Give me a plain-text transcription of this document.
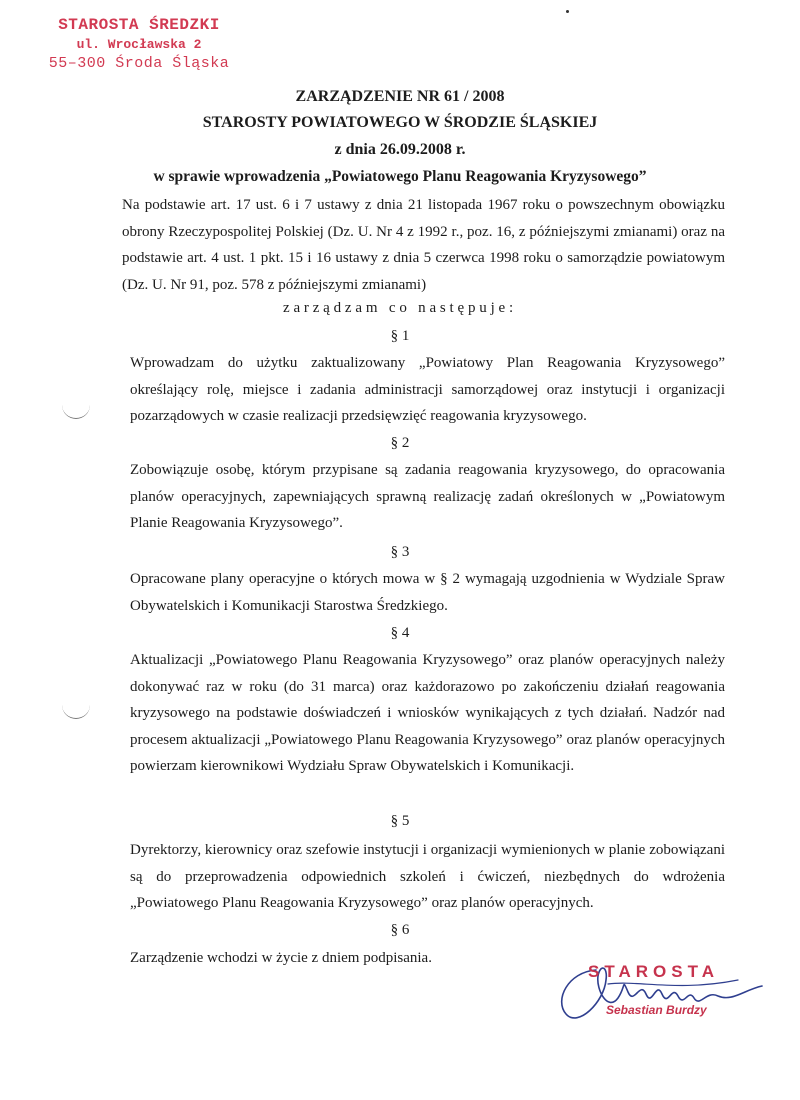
STAROSTA ŚREDZKI
ul. Wrocławska 2
55–300 Środa Śląska
ZARZĄDZENIE NR 61 / 2008
STAROSTY POWIATOWEGO W ŚRODZIE ŚLĄSKIEJ
z dnia 26.09.2008 r.
w sprawie wprowadzenia „Powiatowego Planu Reagowania Kryzysowego”
Na podstawie art. 17 ust. 6 i 7 ustawy z dnia 21 listopada 1967 roku o powszechnym obowiązku obrony Rzeczypospolitej Polskiej (Dz. U. Nr 4 z 1992 r., poz. 16, z późniejszymi zmianami) oraz na podstawie art. 4 ust. 1 pkt. 15 i 16 ustawy z dnia 5 czerwca 1998 roku o samorządzie powiatowym (Dz. U. Nr 91, poz. 578 z późniejszymi zmianami)
zarządzam co następuje:
§ 1
Wprowadzam do użytku zaktualizowany „Powiatowy Plan Reagowania Kryzysowego” określający rolę, miejsce i zadania administracji samorządowej oraz instytucji i organizacji pozarządowych w czasie realizacji przedsięwzięć reagowania kryzysowego.
§ 2
Zobowiązuje osobę, którym przypisane są zadania reagowania kryzysowego, do opracowania planów operacyjnych, zapewniających sprawną realizację zadań określonych w „Powiatowym Planie Reagowania Kryzysowego”.
§ 3
Opracowane plany operacyjne o których mowa w § 2 wymagają uzgodnienia w Wydziale Spraw Obywatelskich i Komunikacji Starostwa Średzkiego.
§ 4
Aktualizacji „Powiatowego Planu Reagowania Kryzysowego” oraz planów operacyjnych należy dokonywać raz w roku (do 31 marca) oraz każdorazowo po zakończeniu działań reagowania kryzysowego na podstawie doświadczeń i wniosków wynikających z tych działań. Nadzór nad procesem aktualizacji „Powiatowego Planu Reagowania Kryzysowego” oraz planów operacyjnych powierzam kierownikowi Wydziału Spraw Obywatelskich i Komunikacji.
§ 5
Dyrektorzy, kierownicy oraz szefowie instytucji i organizacji wymienionych w planie zobowiązani są do przeprowadzenia odpowiednich szkoleń i ćwiczeń, niezbędnych do wdrożenia „Powiatowego Planu Reagowania Kryzysowego” oraz planów operacyjnych.
§ 6
Zarządzenie wchodzi w życie z dniem podpisania.
STAROSTA
Sebastian Burdzy
